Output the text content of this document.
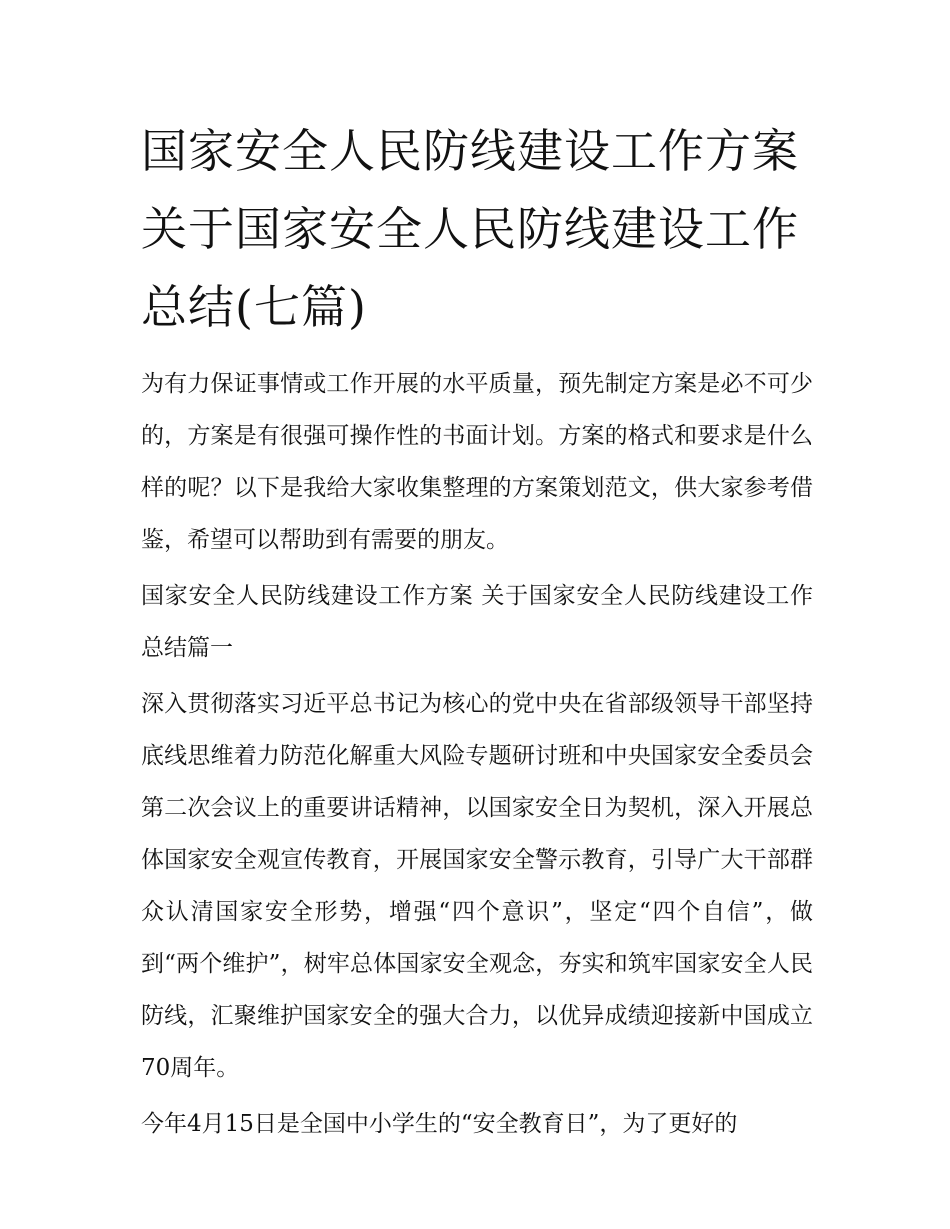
国家安全人民防线建设工作方案 关于国家安全人民防线建设工作总结(七篇)

为有力保证事情或工作开展的水平质量，预先制定方案是必不可少的，方案是有很强可操作性的书面计划。方案的格式和要求是什么样的呢？以下是我给大家收集整理的方案策划范文，供大家参考借鉴，希望可以帮助到有需要的朋友。

国家安全人民防线建设工作方案 关于国家安全人民防线建设工作总结篇一

深入贯彻落实习近平总书记为核心的党中央在省部级领导干部坚持底线思维着力防范化解重大风险专题研讨班和中央国家安全委员会第二次会议上的重要讲话精神，以国家安全日为契机，深入开展总体国家安全观宣传教育，开展国家安全警示教育，引导广大干部群众认清国家安全形势，增强“四个意识”，坚定“四个自信”，做到“两个维护”，树牢总体国家安全观念，夯实和筑牢国家安全人民防线，汇聚维护国家安全的强大合力，以优异成绩迎接新中国成立70周年。

今年4月15日是全国中小学生的“安全教育日”，为了更好的
